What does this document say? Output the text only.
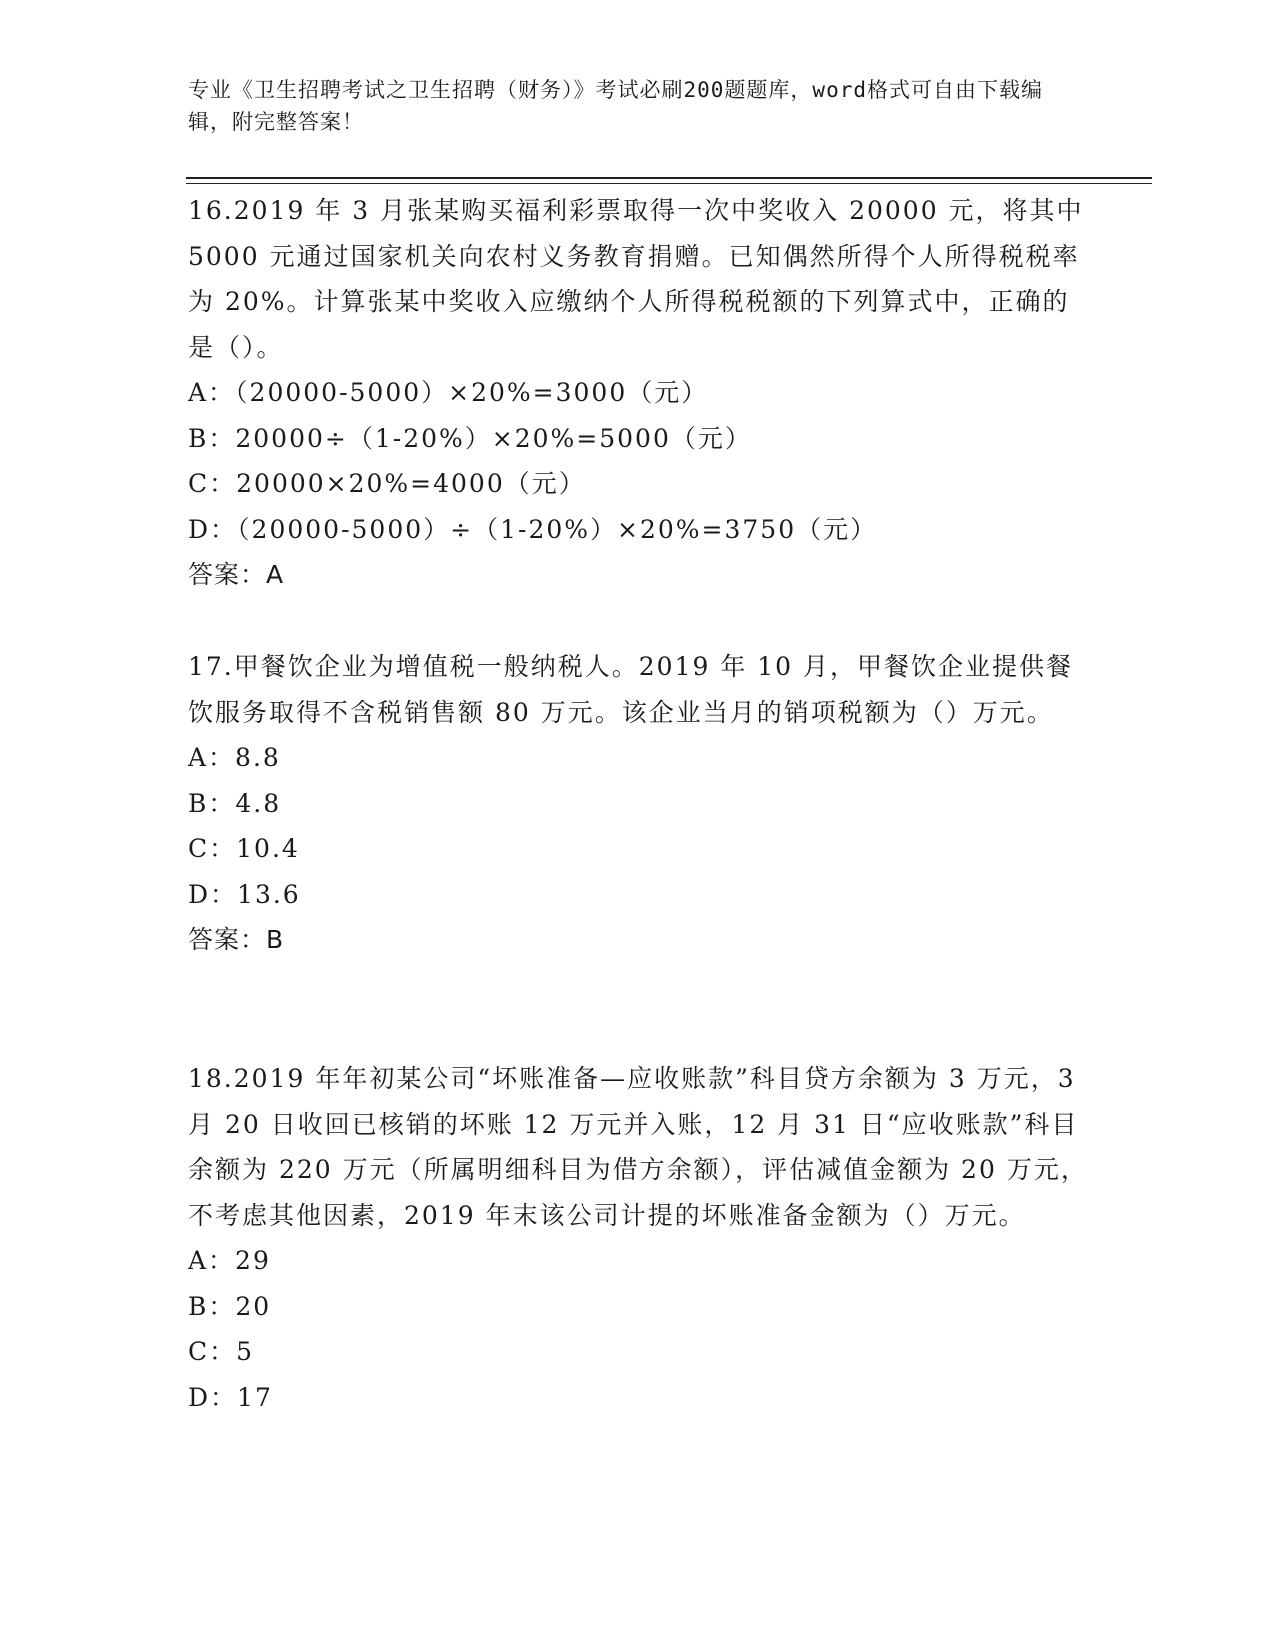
专业《卫生招聘考试之卫生招聘（财务）》考试必刷200题题库，word格式可自由下载编辑，附完整答案！
16.2019 年 3 月张某购买福利彩票取得一次中奖收入 20000 元，将其中 5000 元通过国家机关向农村义务教育捐赠。已知偶然所得个人所得税税率为 20%。计算张某中奖收入应缴纳个人所得税税额的下列算式中，正确的是（）。
A：（20000-5000）×20%=3000（元）
B：20000÷（1-20%）×20%=5000（元）
C：20000×20%=4000（元）
D：（20000-5000）÷（1-20%）×20%=3750（元）
答案：A
17.甲餐饮企业为增值税一般纳税人。2019 年 10 月，甲餐饮企业提供餐饮服务取得不含税销售额 80 万元。该企业当月的销项税额为（）万元。
A：8.8
B：4.8
C：10.4
D：13.6
答案：B
18.2019 年年初某公司“坏账准备—应收账款”科目贷方余额为 3 万元，3 月 20 日收回已核销的坏账 12 万元并入账，12 月 31 日“应收账款”科目余额为 220 万元（所属明细科目为借方余额），评估减值金额为 20 万元，不考虑其他因素，2019 年末该公司计提的坏账准备金额为（）万元。
A：29
B：20
C：5
D：17
